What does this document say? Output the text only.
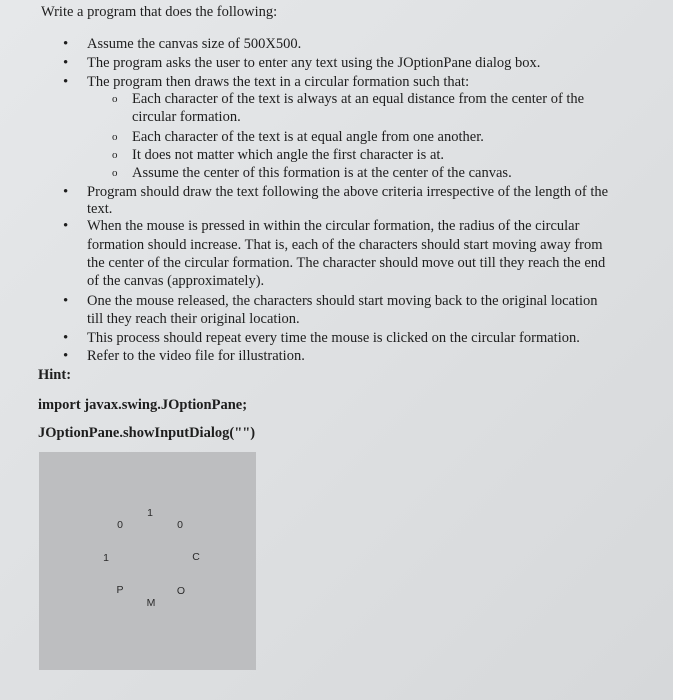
Write a program that does the following:
• Assume the canvas size of 500X500.
• The program asks the user to enter any text using the JOptionPane dialog box.
• The program then draws the text in a circular formation such that:
o Each character of the text is always at an equal distance from the center of the
circular formation.
o Each character of the text is at equal angle from one another.
o It does not matter which angle the first character is at.
o Assume the center of this formation is at the center of the canvas.
• Program should draw the text following the above criteria irrespective of the length of the
text.
• When the mouse is pressed in within the circular formation, the radius of the circular
formation should increase. That is, each of the characters should start moving away from
the center of the circular formation. The character should move out till they reach the end
of the canvas (approximately).
• One the mouse released, the characters should start moving back to the original location
till they reach their original location.
• This process should repeat every time the mouse is clicked on the circular formation.
• Refer to the video file for illustration.
Hint:
import javax.swing.JOptionPane;
JOptionPane.showInputDialog("")
1
0
C
O
M
P
1
0
